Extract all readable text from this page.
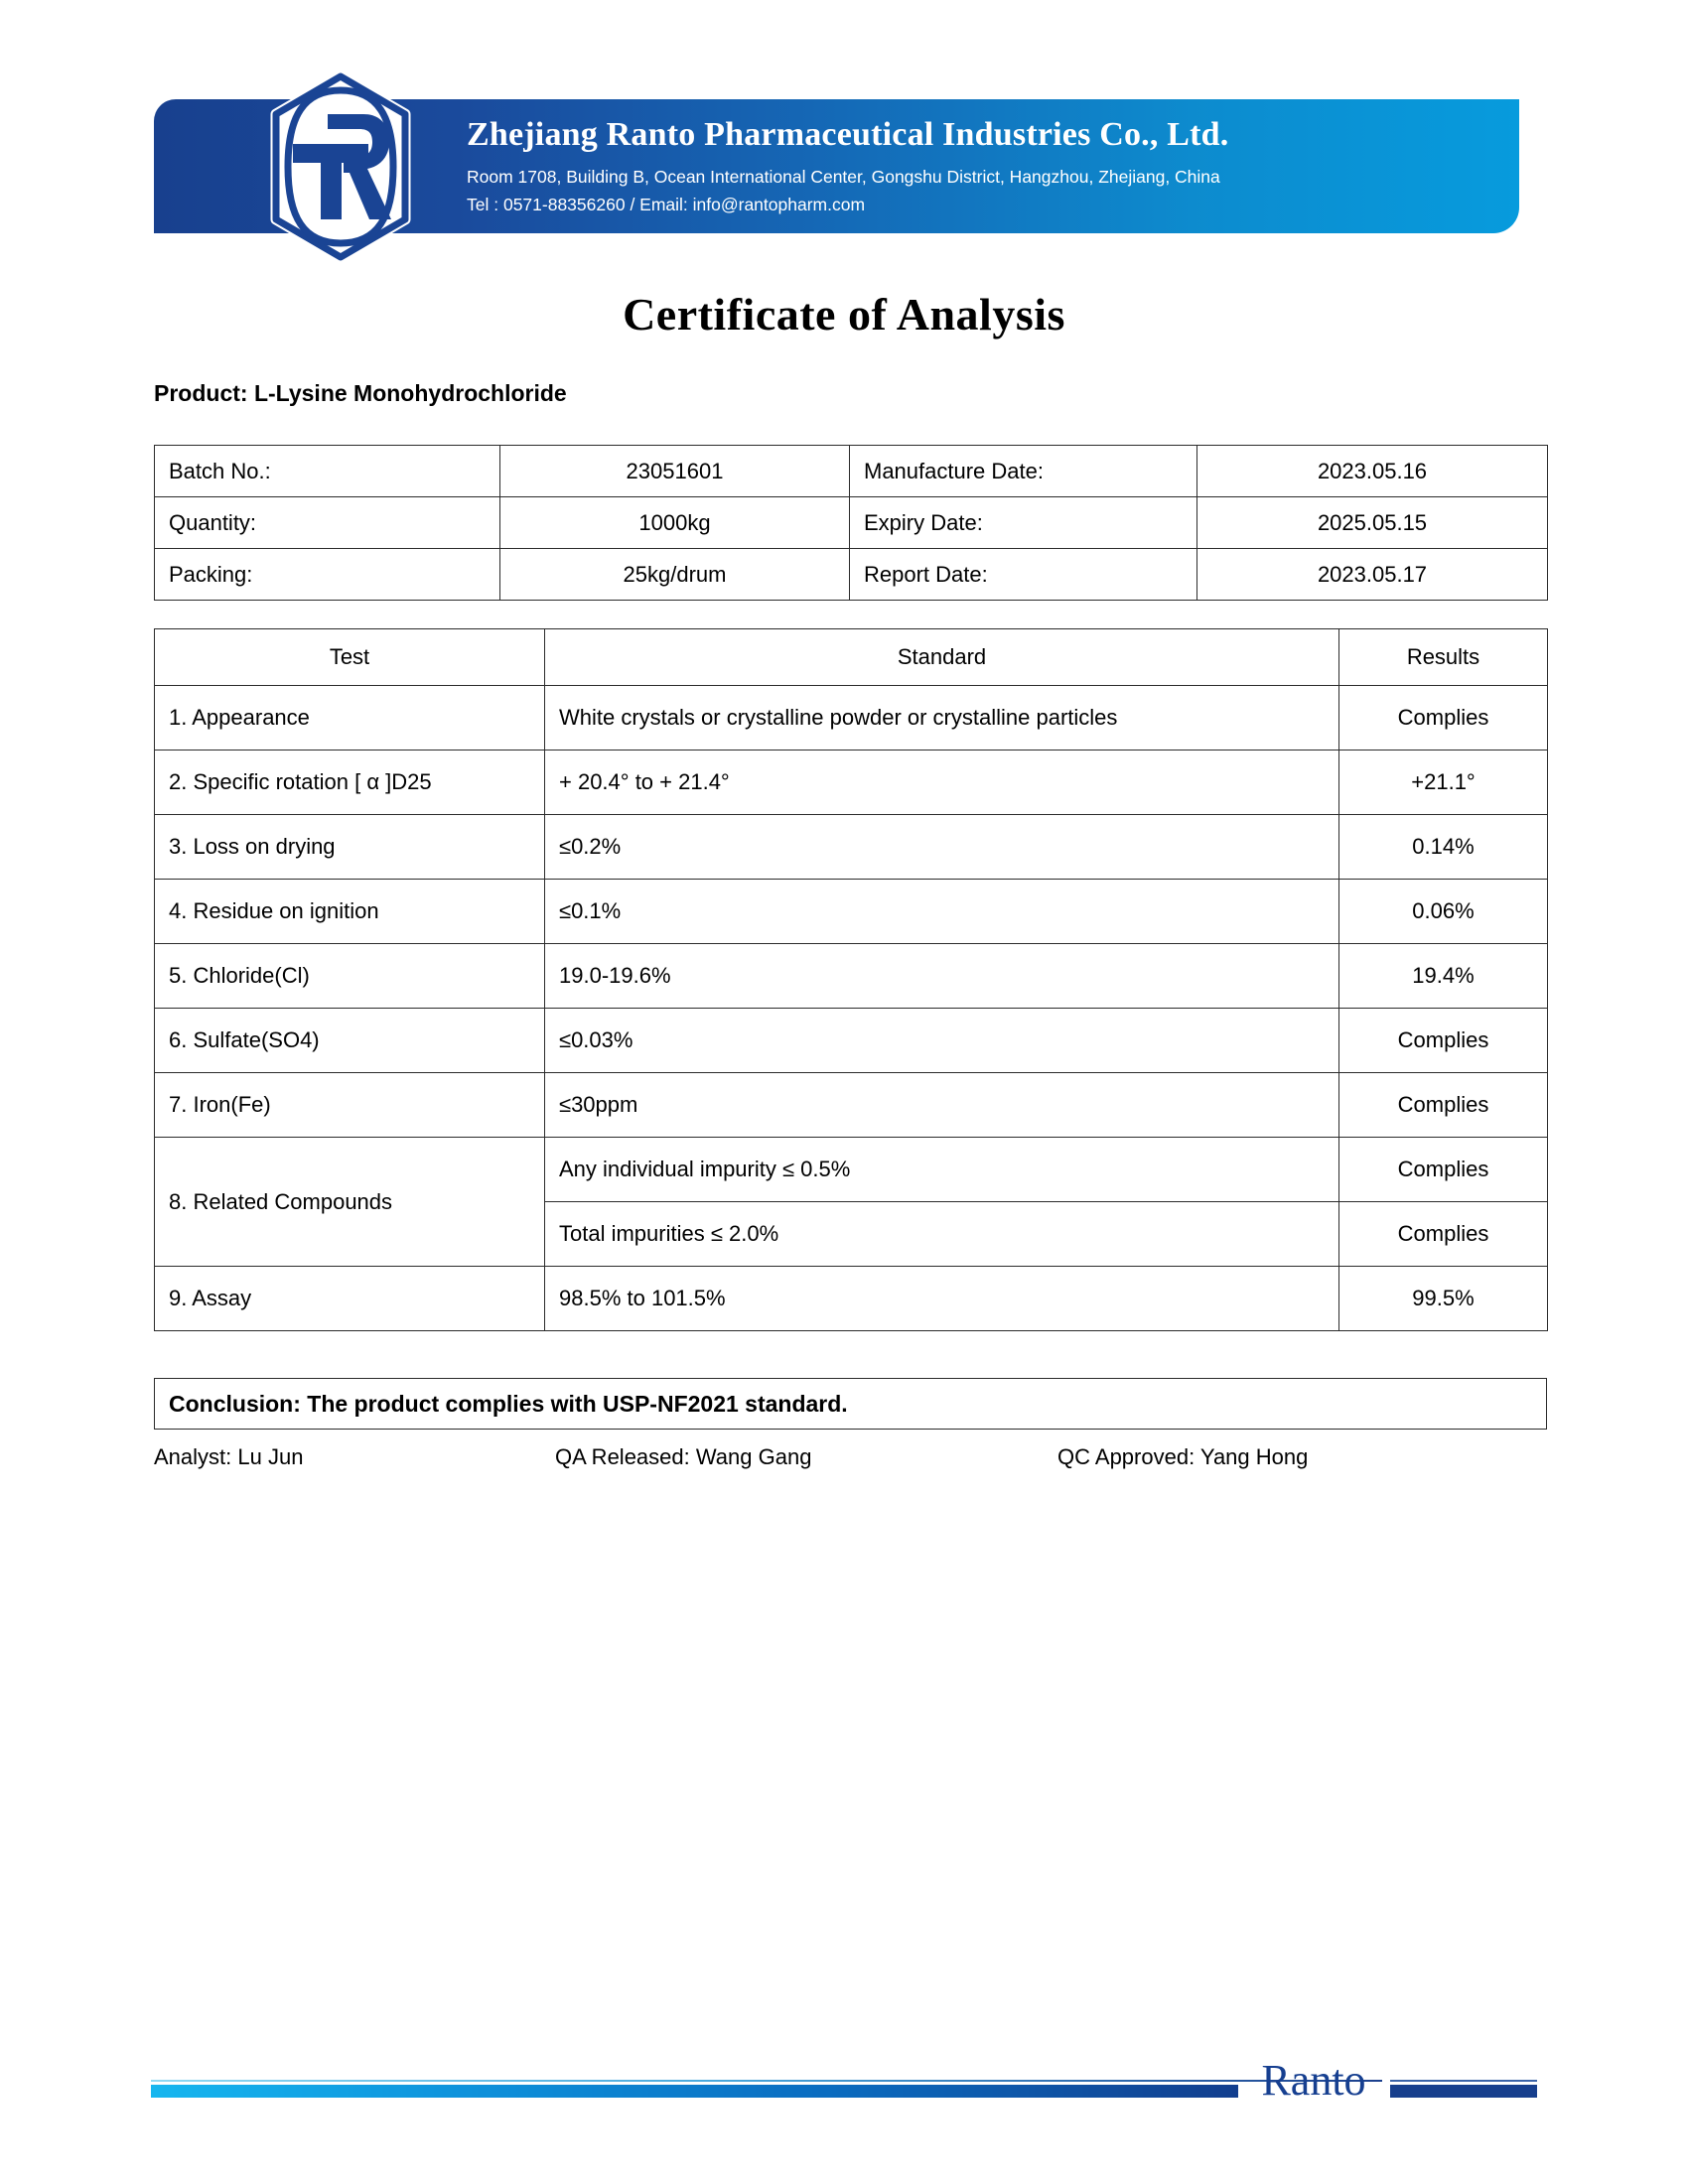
Zhejiang Ranto Pharmaceutical Industries Co., Ltd.
Room 1708, Building B, Ocean International Center, Gongshu District, Hangzhou, Zhejiang, China
Tel : 0571-88356260 / Email: info@rantopharm.com
Certificate of Analysis
Product: L-Lysine Monohydrochloride
Batch No.:	23051601	Manufacture Date:	2023.05.16
Quantity:	1000kg	Expiry Date:	2025.05.15
Packing:	25kg/drum	Report Date:	2023.05.17
Test	Standard	Results
1. Appearance	White crystals or crystalline powder or crystalline particles	Complies
2. Specific rotation [ α ]D25	+ 20.4° to + 21.4°	+21.1°
3. Loss on drying	≤0.2%	0.14%
4. Residue on ignition	≤0.1%	0.06%
5. Chloride(Cl)	19.0-19.6%	19.4%
6. Sulfate(SO4)	≤0.03%	Complies
7. Iron(Fe)	≤30ppm	Complies
8. Related Compounds	Any individual impurity ≤ 0.5%	Complies
	Total impurities ≤ 2.0%	Complies
9. Assay	98.5% to 101.5%	99.5%
Conclusion: The product complies with USP-NF2021 standard.
Analyst: Lu Jun	QA Released: Wang Gang	QC Approved: Yang Hong
Ranto
